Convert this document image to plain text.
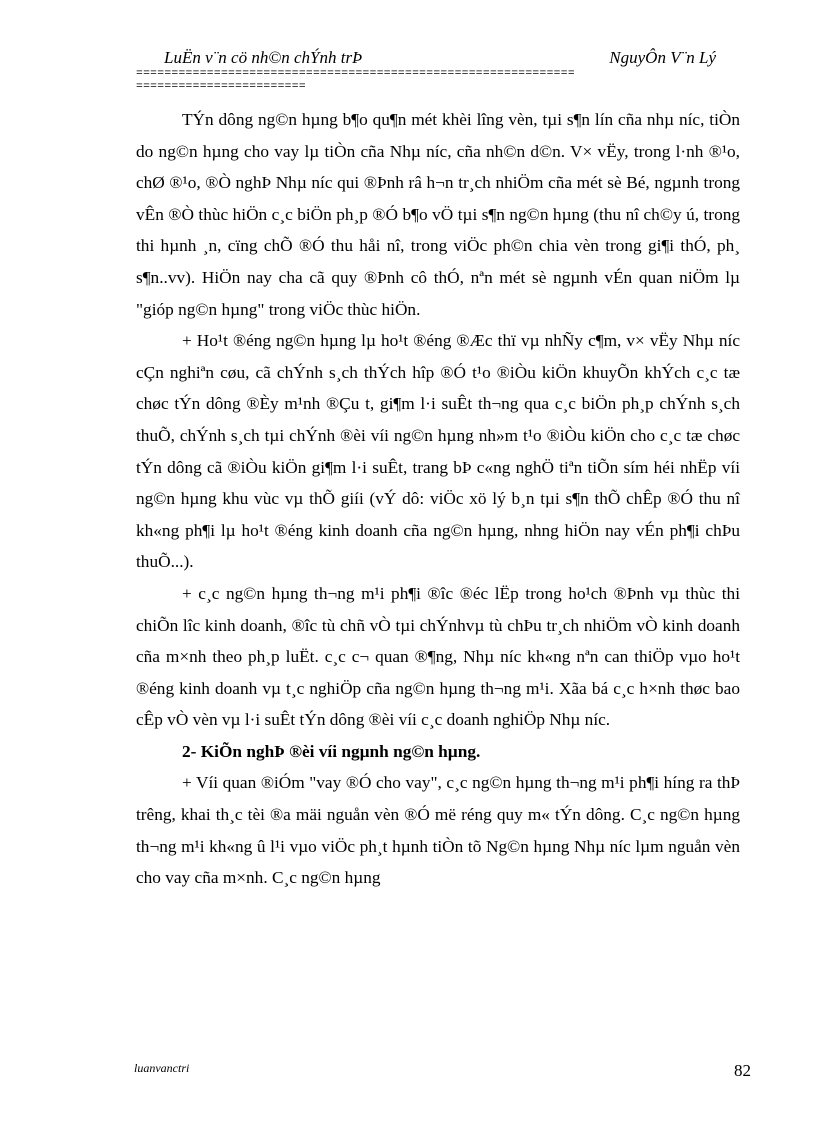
LuËn v¨n cö nh©n chÝnh trÞ	NguyÔn V¨n Lý
==============================================================
========================

TÝn dông ng©n hµng b¶o qu¶n mét khèi lîng vèn, tµi s¶n lín cña nhµ níc, tiÒn do ng©n hµng cho vay lµ tiÒn cña Nhµ níc, cña nh©n d©n. V× vËy, trong l·nh ®¹o, chØ ®¹o, ®Ò nghÞ Nhµ níc qui ®Þnh râ h¬n tr¸ch nhiÖm cña mét sè Bé, ngµnh trong vÊn ®Ò thùc hiÖn c¸c biÖn ph¸p ®Ó b¶o vÖ tµi s¶n ng©n hµng (thu nî ch©y ú, trong thi hµnh ¸n, cïng chÕ ®Ó thu håi nî, trong viÖc ph©n chia vèn trong gi¶i thÓ, ph¸ s¶n..vv). HiÖn nay cha cã quy ®Þnh cô thÓ, nªn mét sè ngµnh vÉn quan niÖm lµ "gióp ng©n hµng" trong viÖc thùc hiÖn.

+ Ho¹t ®éng ng©n hµng lµ ho¹t ®éng ®Æc thï vµ nhÑy c¶m, v× vËy Nhµ níc cÇn nghiªn cøu, cã chÝnh s¸ch thÝch hîp ®Ó t¹o ®iÒu kiÖn khuyÕn khÝch c¸c tæ chøc tÝn dông ®Èy m¹nh ®Çu t, gi¶m l·i suÊt th¬ng qua c¸c biÖn ph¸p chÝnh s¸ch thuÕ, chÝnh s¸ch tµi chÝnh ®èi víi ng©n hµng nh»m t¹o ®iÒu kiÖn cho c¸c tæ chøc tÝn dông cã ®iÒu kiÖn gi¶m l·i suÊt, trang bÞ c«ng nghÖ tiªn tiÕn sím héi nhËp víi ng©n hµng khu vùc vµ thÕ giíi (vÝ dô: viÖc xö lý b¸n tµi s¶n thÕ chÊp ®Ó thu nî kh«ng ph¶i lµ ho¹t ®éng kinh doanh cña ng©n hµng, nhng hiÖn nay vÉn ph¶i chÞu thuÕ...).

+ c¸c ng©n hµng th¬ng m¹i ph¶i ®îc ®éc lËp trong ho¹ch ®Þnh vµ thùc thi chiÕn lîc kinh doanh, ®îc tù chñ vÒ tµi chÝnhvµ tù chÞu tr¸ch nhiÖm vÒ kinh doanh cña m×nh theo ph¸p luËt. c¸c c¬ quan ®¶ng, Nhµ níc kh«ng nªn can thiÖp vµo ho¹t ®éng kinh doanh vµ t¸c nghiÖp cña ng©n hµng th¬ng m¹i. Xãa bá c¸c h×nh thøc bao cÊp vÒ vèn vµ l·i suÊt tÝn dông ®èi víi c¸c doanh nghiÖp Nhµ níc.

2- KiÕn nghÞ ®èi víi ngµnh ng©n hµng.

+ Víi quan ®iÓm "vay ®Ó cho vay", c¸c ng©n hµng th¬ng m¹i ph¶i híng ra thÞ trêng, khai th¸c tèi ®a mäi nguån vèn ®Ó më réng quy m« tÝn dông. C¸c ng©n hµng th¬ng m¹i kh«ng û l¹i vµo viÖc ph¸t hµnh tiÒn tõ Ng©n hµng Nhµ níc lµm nguån vèn cho vay cña m×nh. C¸c ng©n hµng

luanvanctri	82
